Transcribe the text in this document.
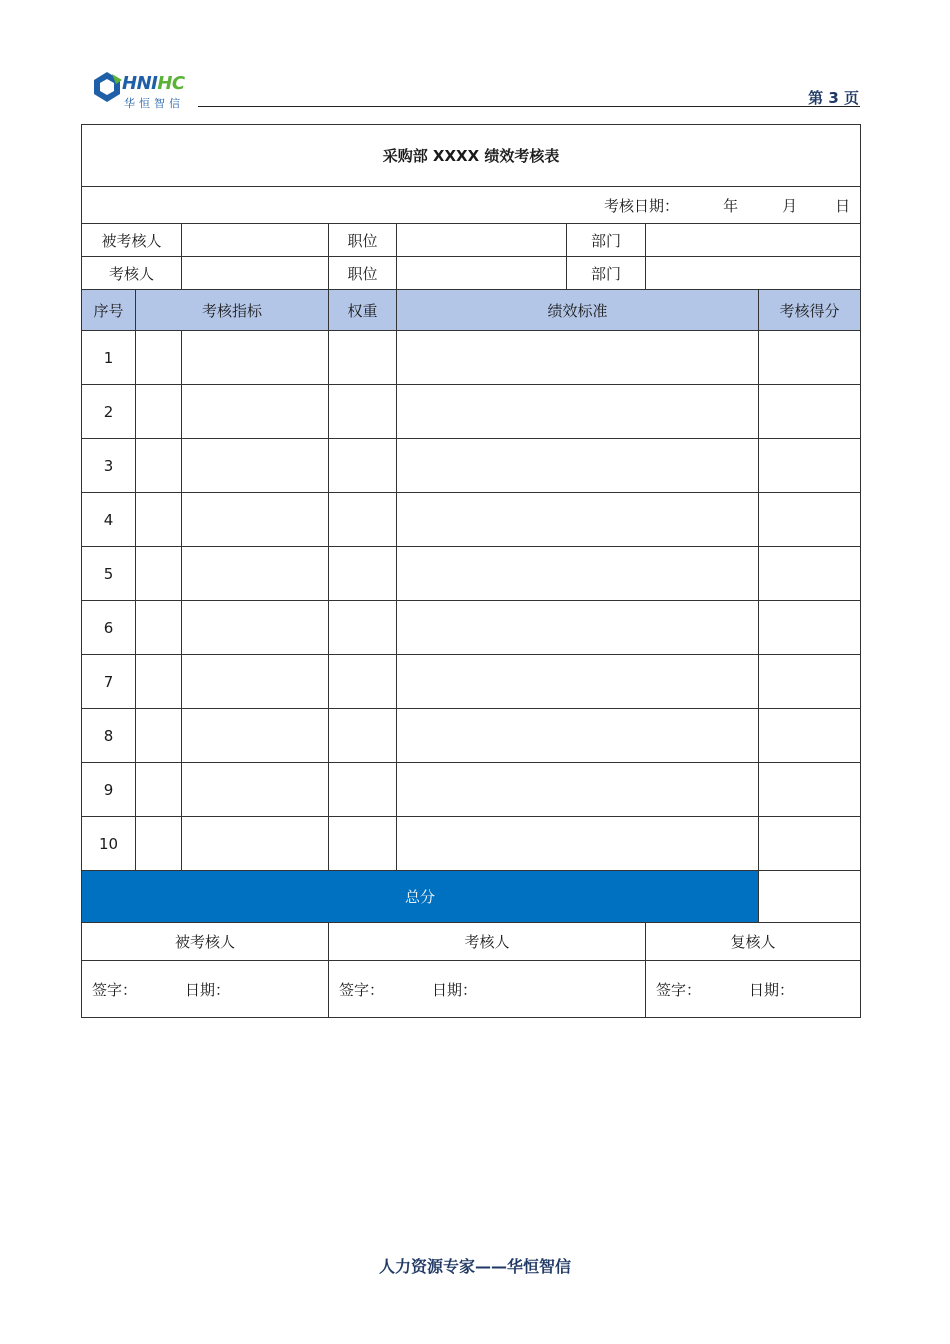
HNIHC
华恒智信	第 3 页
采购部 XXXX 绩效考核表							
考核日期： 年 月 日							
被考核人			职位		部门		
考核人			职位		部门		
序号	考核指标		权重	绩效标准			考核得分
1							
2							
3							
4							
5							
6							
7							
8							
9							
10							
总分							
被考核人			考核人			复核人	
签字： 日期：			签字： 日期：			签字： 日期：	
人力资源专家——华恒智信
